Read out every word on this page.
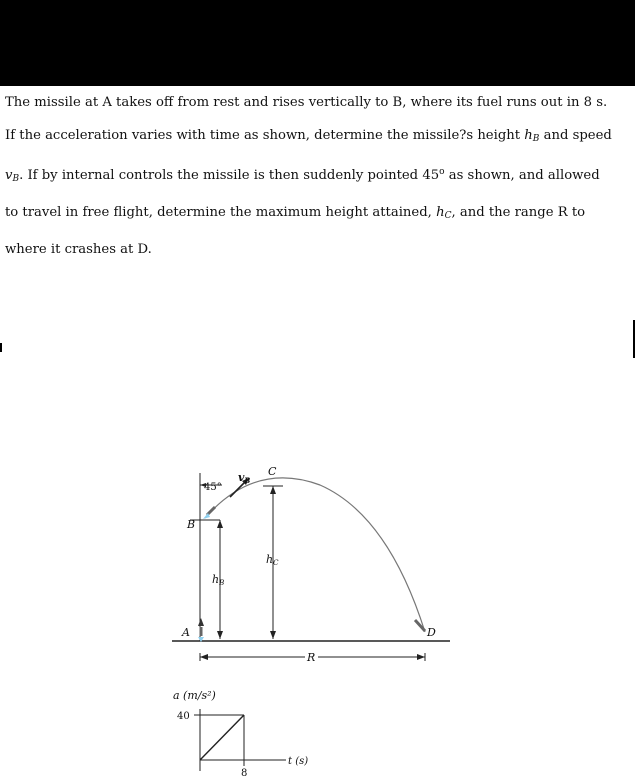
The missile at A takes off from rest and rises vertically to B, where its fuel runs out in 8 s.
If the acceleration varies with time as shown, determine the missile?s height $h_B$ and speed
$v_B$. If by internal controls the missile is then suddenly pointed 45$^o$ as shown, and allowed
to travel in free flight, determine the maximum height attained, $h_C$, and the range R to
where it crashes at D.
45°
vB
C
B
hB
hC
A	D
R
a (m/s²)
40
8
t (s)
